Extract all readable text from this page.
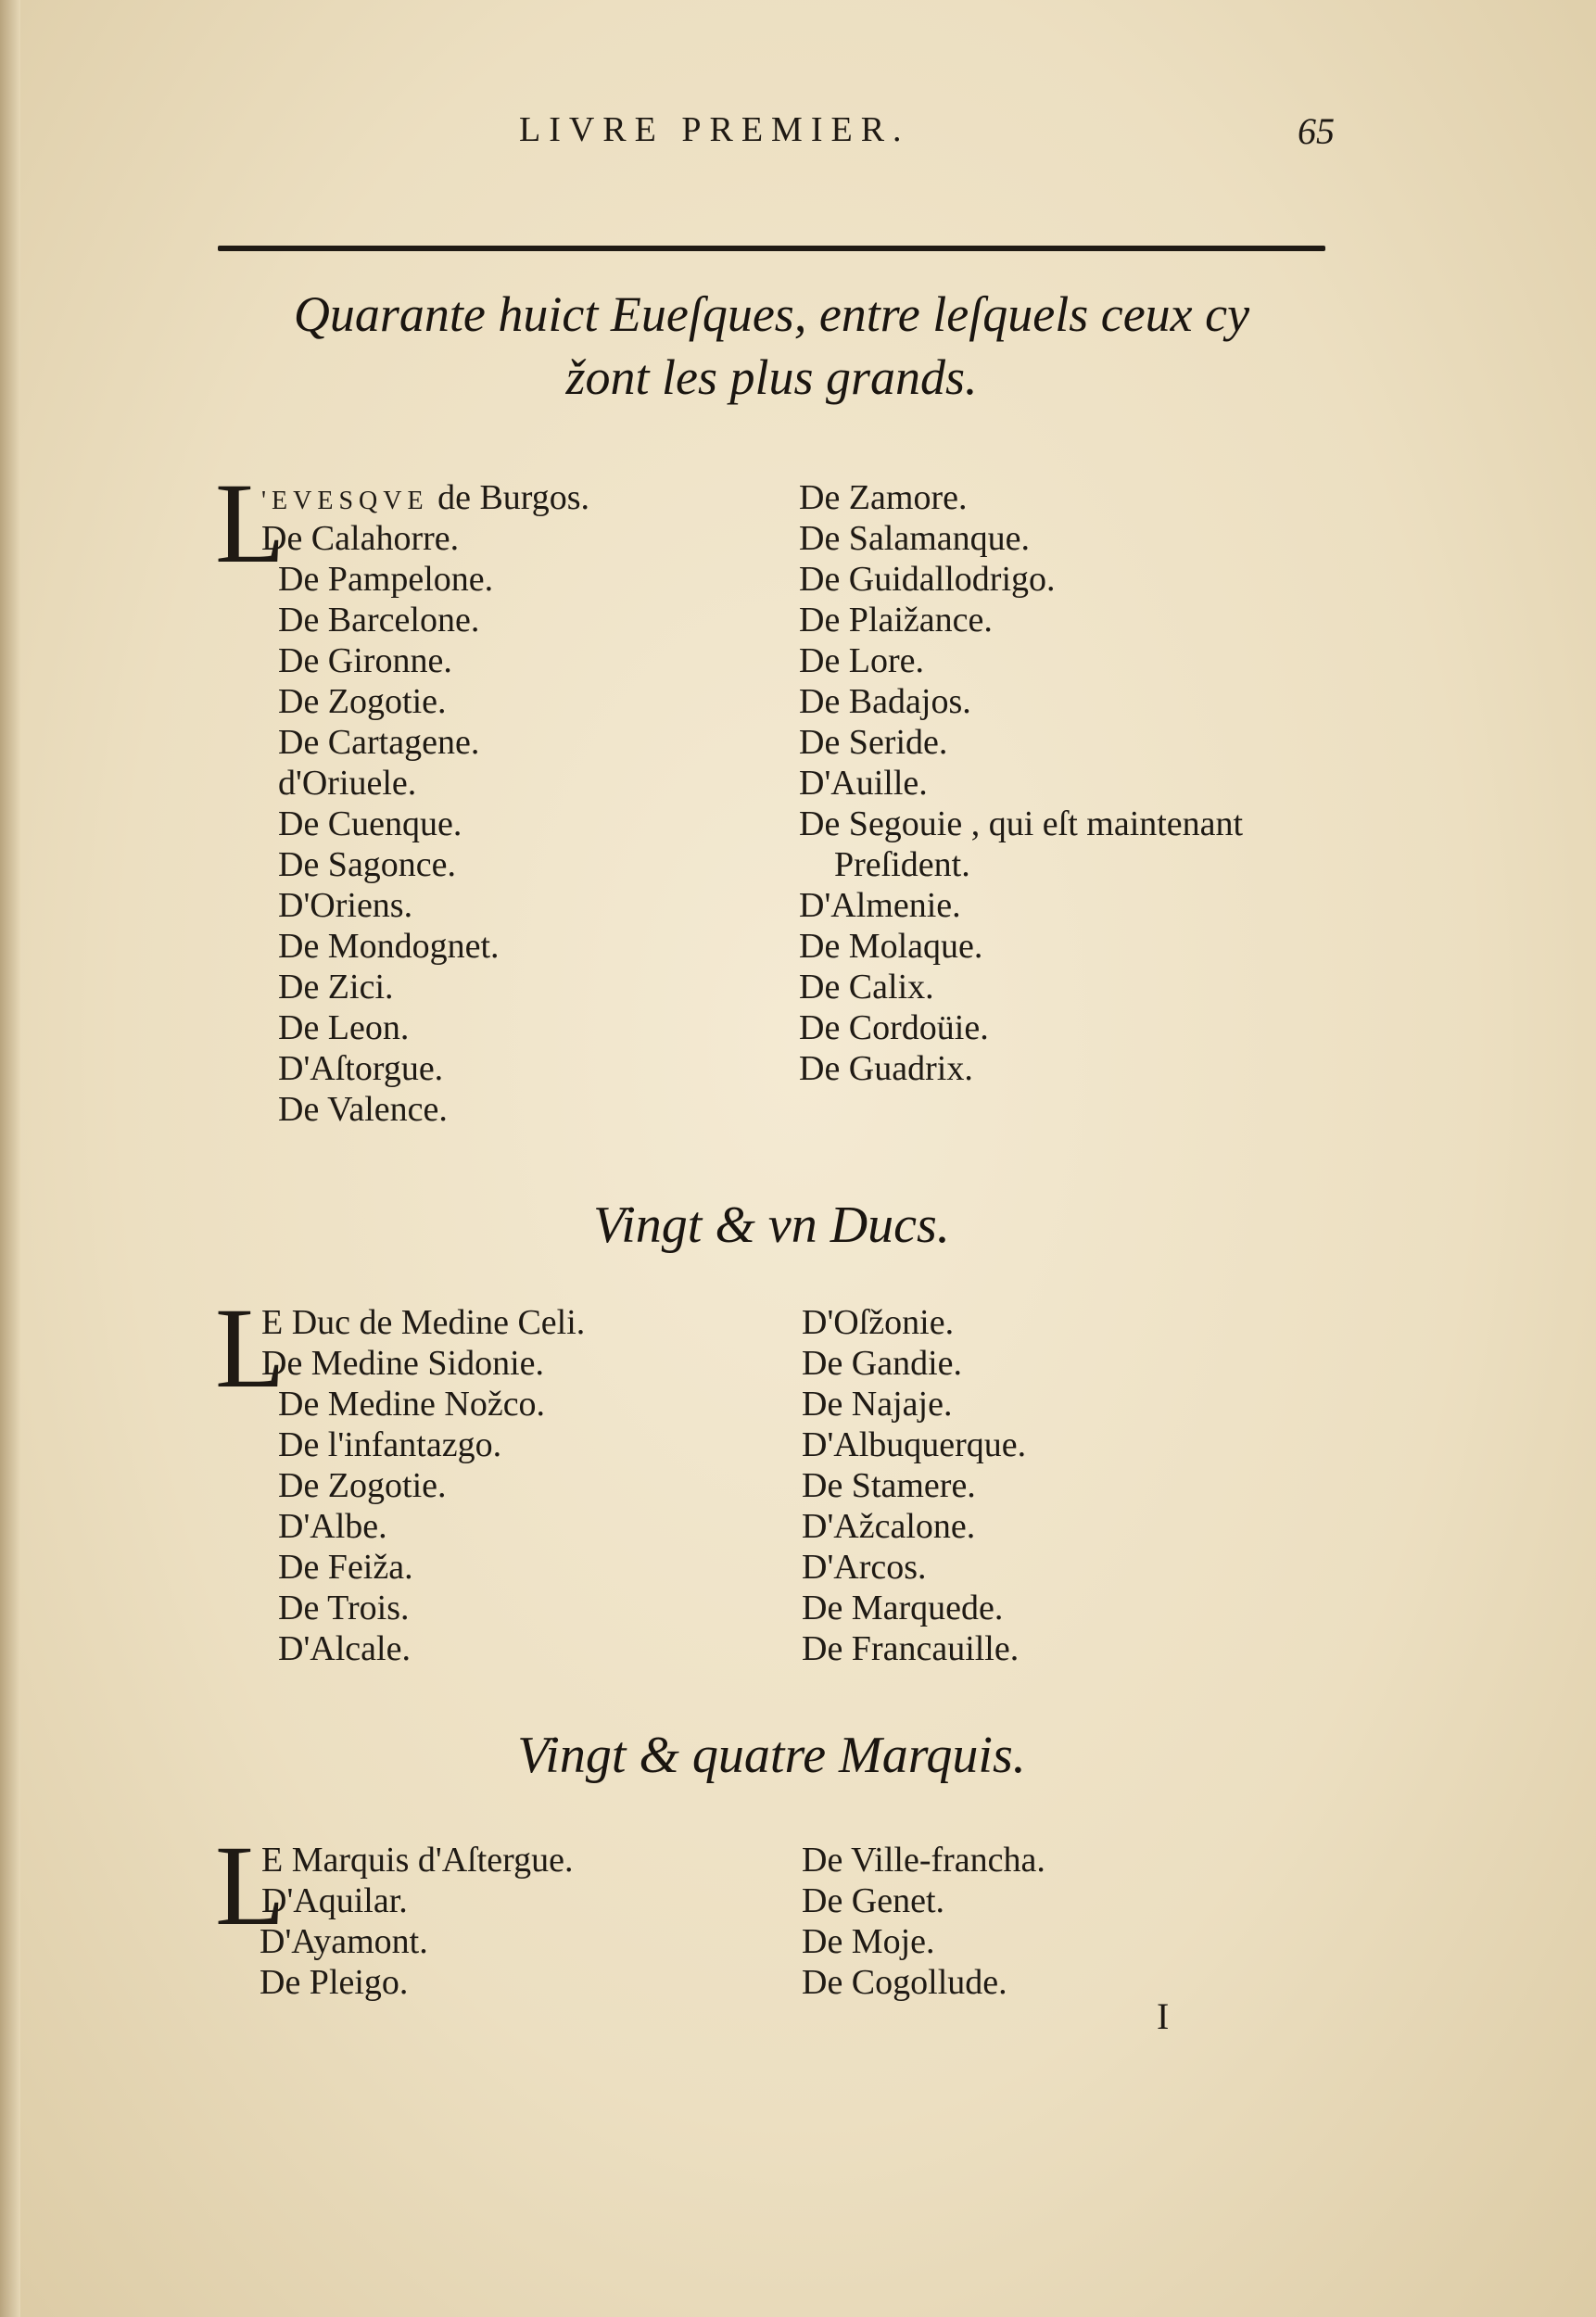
LIVRE PREMIER.	65
Quarante huict Eueſques, entre leſquels ceux cy
žont les plus grands.
L
'EVESQVE de Burgos.
De Calahorre.
De Pampelone.
De Barcelone.
De Gironne.
De Zogotie.
De Cartagene.
d'Oriuele.
De Cuenque.
De Sagonce.
D'Oriens.
De Mondognet.
De Zici.
De Leon.
D'Aſtorgue.
De Valence.
De Zamore.
De Salamanque.
De Guidallodrigo.
De Plaižance.
De Lore.
De Badajos.
De Seride.
D'Auille.
De Segouie , qui eſt maintenant
Preſident.
D'Almenie.
De Molaque.
De Calix.
De Cordoüie.
De Guadrix.
Vingt & vn Ducs.
L
E Duc de Medine Celi.
De Medine Sidonie.
De Medine Nožco.
De l'infantazgo.
De Zogotie.
D'Albe.
De Feiža.
De Trois.
D'Alcale.
D'Oſžonie.
De Gandie.
De Najaje.
D'Albuquerque.
De Stamere.
D'Ažcalone.
D'Arcos.
De Marquede.
De Francauille.
Vingt & quatre Marquis.
L
E Marquis d'Aſtergue.
D'Aquilar.
D'Ayamont.
De Pleigo.
De Ville-francha.
De Genet.
De Moje.
De Cogollude.
I
